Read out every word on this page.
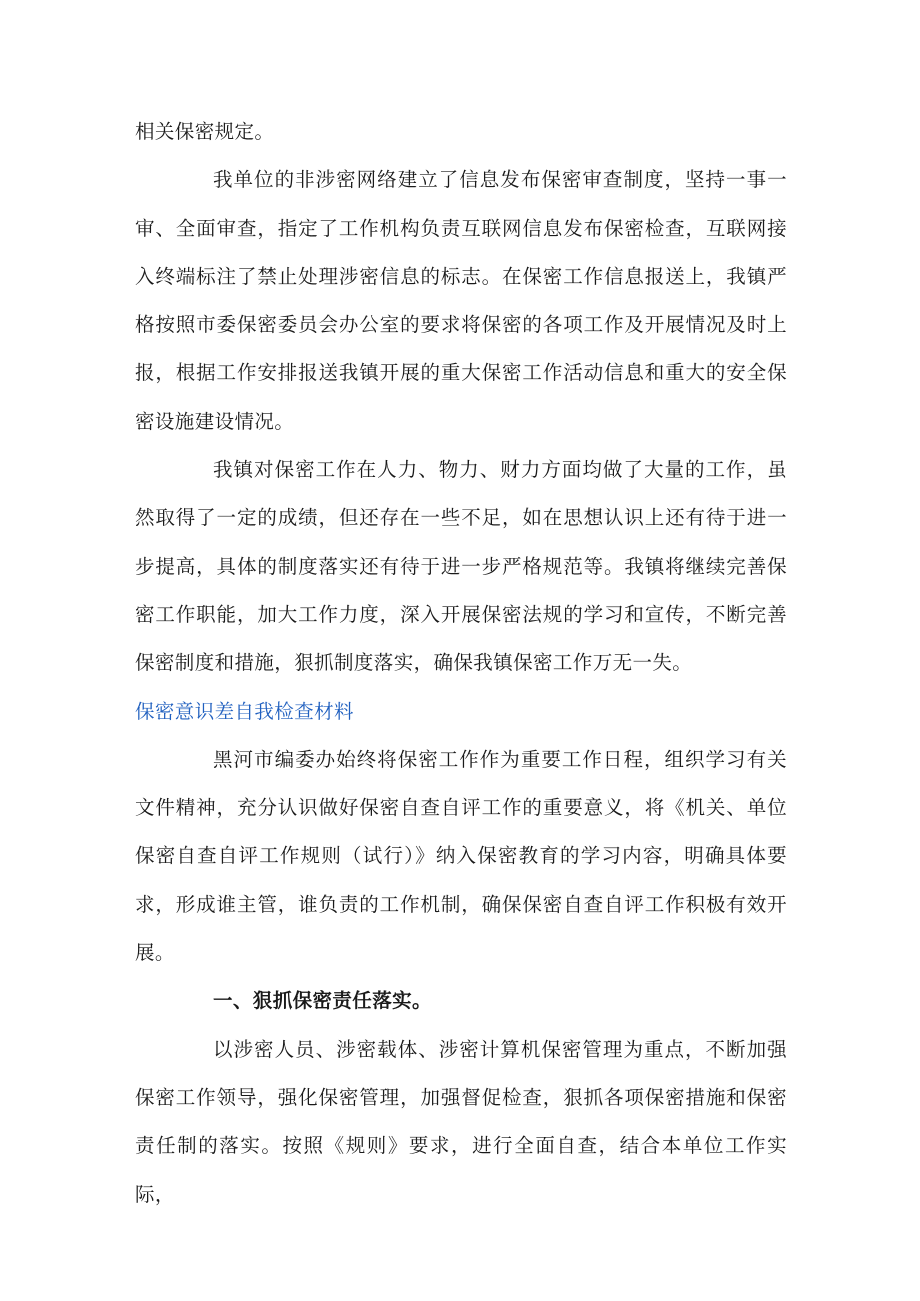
相关保密规定。

我单位的非涉密网络建立了信息发布保密审查制度，坚持一事一审、全面审查，指定了工作机构负责互联网信息发布保密检查，互联网接入终端标注了禁止处理涉密信息的标志。在保密工作信息报送上，我镇严格按照市委保密委员会办公室的要求将保密的各项工作及开展情况及时上报，根据工作安排报送我镇开展的重大保密工作活动信息和重大的安全保密设施建设情况。

我镇对保密工作在人力、物力、财力方面均做了大量的工作，虽然取得了一定的成绩，但还存在一些不足，如在思想认识上还有待于进一步提高，具体的制度落实还有待于进一步严格规范等。我镇将继续完善保密工作职能，加大工作力度，深入开展保密法规的学习和宣传，不断完善保密制度和措施，狠抓制度落实，确保我镇保密工作万无一失。

保密意识差自我检查材料

黑河市编委办始终将保密工作作为重要工作日程，组织学习有关文件精神，充分认识做好保密自查自评工作的重要意义，将《机关、单位保密自查自评工作规则（试行）》纳入保密教育的学习内容，明确具体要求，形成谁主管，谁负责的工作机制，确保保密自查自评工作积极有效开展。

一、狠抓保密责任落实。

以涉密人员、涉密载体、涉密计算机保密管理为重点，不断加强保密工作领导，强化保密管理，加强督促检查，狠抓各项保密措施和保密责任制的落实。按照《规则》要求，进行全面自查，结合本单位工作实际，
